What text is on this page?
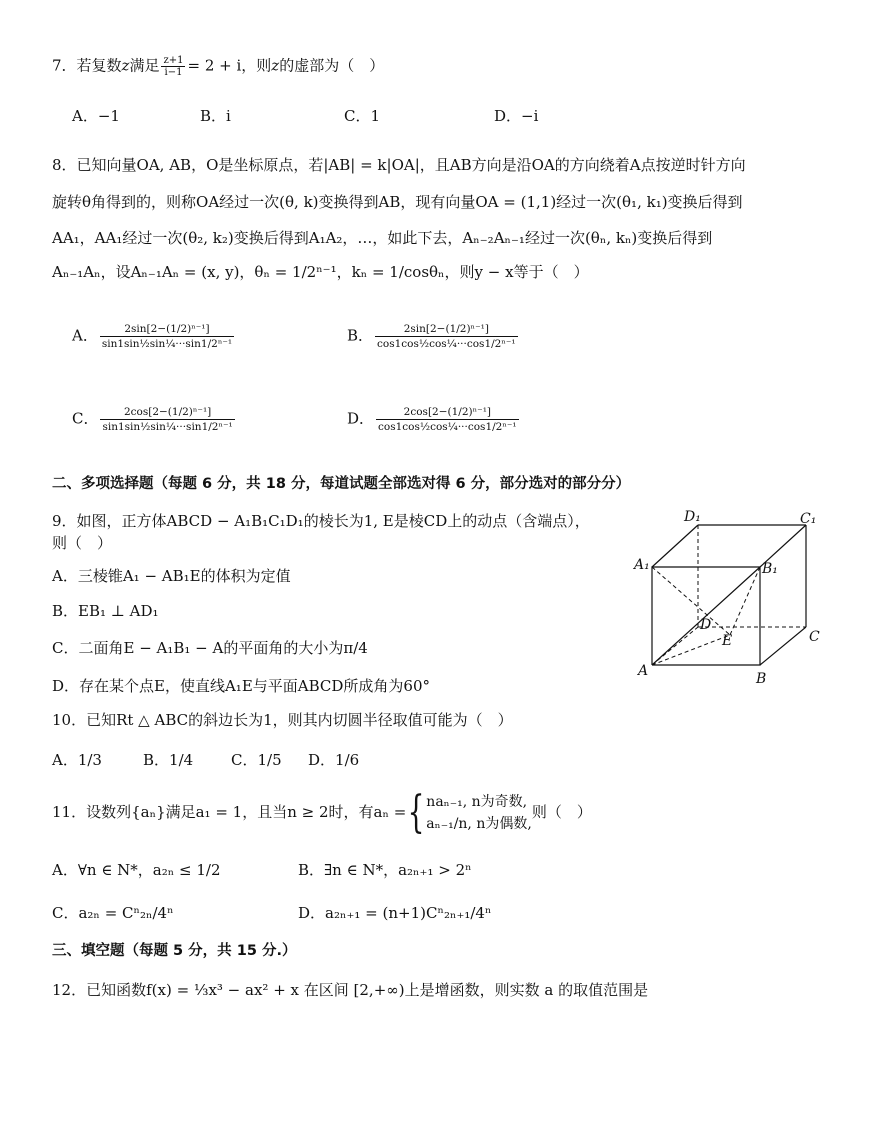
7．若复数z满足 $\frac{z+1}{i-1} = 2 + i$，则z的虚部为（　）
A．−1	B．i	C．1	D．−i
8．已知向量OA, AB，O是坐标原点，若|AB| = k|OA|，且AB方向是沿OA的方向绕着A点按逆时针方向
旋转θ角得到的，则称OA经过一次(θ, k)变换得到AB，现有向量OA = (1,1)经过一次(θ₁, k₁)变换后得到
AA₁，AA₁经过一次(θ₂, k₂)变换后得到A₁A₂，…，如此下去，Aₙ₋₂Aₙ₋₁经过一次(θₙ, kₙ)变换后得到
Aₙ₋₁Aₙ，设Aₙ₋₁Aₙ = (x, y)，θₙ = 1/2ⁿ⁻¹，kₙ = 1/cosθₙ，则y − x等于（　）
A． $\frac{\text{2sin[2−(1/2)ⁿ⁻¹]}}{\text{sin1sin½sin¼···sin1/2ⁿ⁻¹}}$	B． $\frac{\text{2sin[2−(1/2)ⁿ⁻¹]}}{\text{cos1cos½cos¼···cos1/2ⁿ⁻¹}}$
C． $\frac{\text{2cos[2−(1/2)ⁿ⁻¹]}}{\text{sin1sin½sin¼···sin1/2ⁿ⁻¹}}$	D． $\frac{\text{2cos[2−(1/2)ⁿ⁻¹]}}{\text{cos1cos½cos¼···cos1/2ⁿ⁻¹}}$
二、多项选择题（每题 6 分，共 18 分，每道试题全部选对得 6 分，部分选对的部分分）
9．如图，正方体ABCD − A₁B₁C₁D₁的棱长为1, E是棱CD上的动点（含端点），
则（　）
A．三棱锥A₁ − AB₁E的体积为定值
B．EB₁ ⊥ AD₁
C．二面角E − A₁B₁ − A的平面角的大小为π/4
D．存在某个点E，使直线A₁E与平面ABCD所成角为60°
D₁	C₁
A₁	B₁
D
E	C
A	B
10．已知Rt △ ABC的斜边长为1，则其内切圆半径取值可能为（　）
A．1/3	B．1/4	C．1/5 D．1/6
11．设数列{aₙ}满足a₁ = 1，且当n ≥ 2时，有aₙ ={ naₙ₋₁, n为奇数,
aₙ₋₁/n, n为偶数,
则（　）
A．∀n ∈ N*，a₂ₙ ≤ 1/2	B．∃n ∈ N*，a₂ₙ₊₁ > 2ⁿ
C．a₂ₙ = Cⁿ₂ₙ/4ⁿ	D．a₂ₙ₊₁ = (n+1)Cⁿ₂ₙ₊₁/4ⁿ
三、填空题（每题 5 分，共 15 分.）
12．已知函数f(x) = ⅓x³ − ax² + x 在区间 [2,+∞)上是增函数，则实数 a 的取值范围是
